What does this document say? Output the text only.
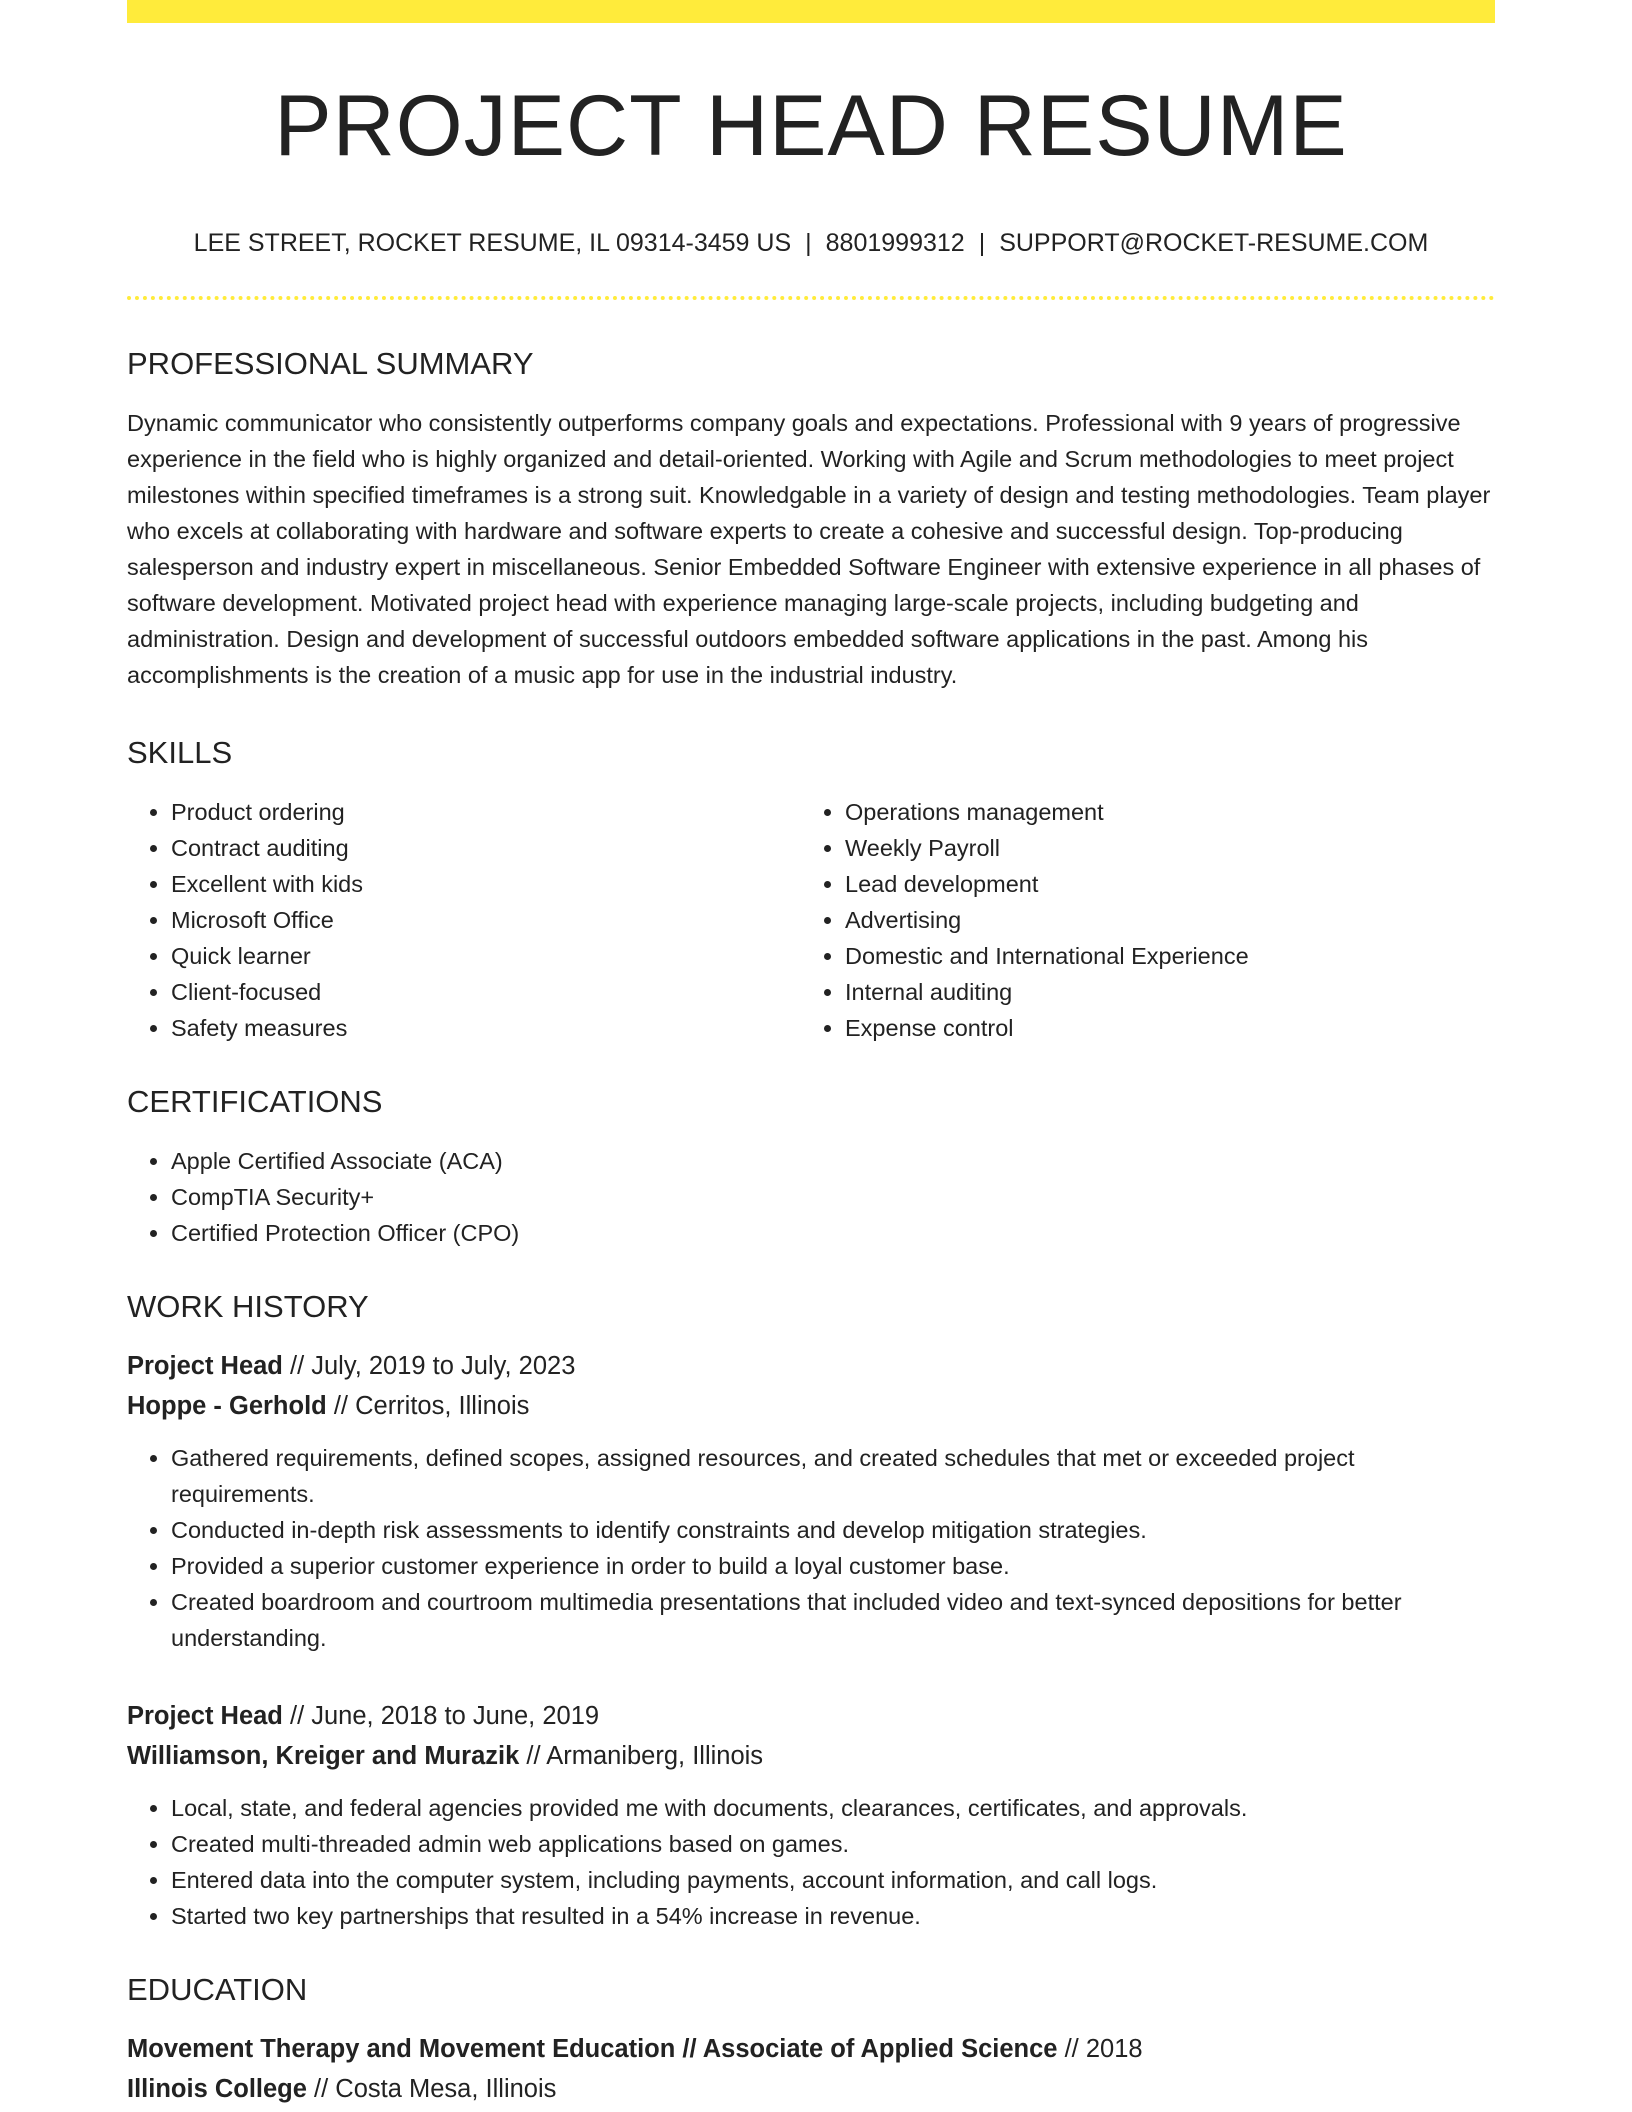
PROJECT HEAD RESUME
LEE STREET, ROCKET RESUME, IL 09314-3459 US | 8801999312 | SUPPORT@ROCKET-RESUME.COM
PROFESSIONAL SUMMARY

Dynamic communicator who consistently outperforms company goals and expectations. Professional with 9 years of progressive experience in the field who is highly organized and detail-oriented. Working with Agile and Scrum methodologies to meet project milestones within specified timeframes is a strong suit. Knowledgable in a variety of design and testing methodologies. Team player who excels at collaborating with hardware and software experts to create a cohesive and successful design. Top-producing salesperson and industry expert in miscellaneous. Senior Embedded Software Engineer with extensive experience in all phases of software development. Motivated project head with experience managing large-scale projects, including budgeting and administration. Design and development of successful outdoors embedded software applications in the past. Among his accomplishments is the creation of a music app for use in the industrial industry.

SKILLS
• Product ordering
• Contract auditing
• Excellent with kids
• Microsoft Office
• Quick learner
• Client-focused
• Safety measures
• Operations management
• Weekly Payroll
• Lead development
• Advertising
• Domestic and International Experience
• Internal auditing
• Expense control
CERTIFICATIONS
• Apple Certified Associate (ACA)
• CompTIA Security+
• Certified Protection Officer (CPO)
WORK HISTORY
Project Head // July, 2019 to July, 2023
Hoppe - Gerhold // Cerritos, Illinois
• Gathered requirements, defined scopes, assigned resources, and created schedules that met or exceeded project requirements.
• Conducted in-depth risk assessments to identify constraints and develop mitigation strategies.
• Provided a superior customer experience in order to build a loyal customer base.
• Created boardroom and courtroom multimedia presentations that included video and text-synced depositions for better understanding.
Project Head // June, 2018 to June, 2019
Williamson, Kreiger and Murazik // Armaniberg, Illinois
• Local, state, and federal agencies provided me with documents, clearances, certificates, and approvals.
• Created multi-threaded admin web applications based on games.
• Entered data into the computer system, including payments, account information, and call logs.
• Started two key partnerships that resulted in a 54% increase in revenue.
EDUCATION
Movement Therapy and Movement Education // Associate of Applied Science // 2018
Illinois College // Costa Mesa, Illinois
